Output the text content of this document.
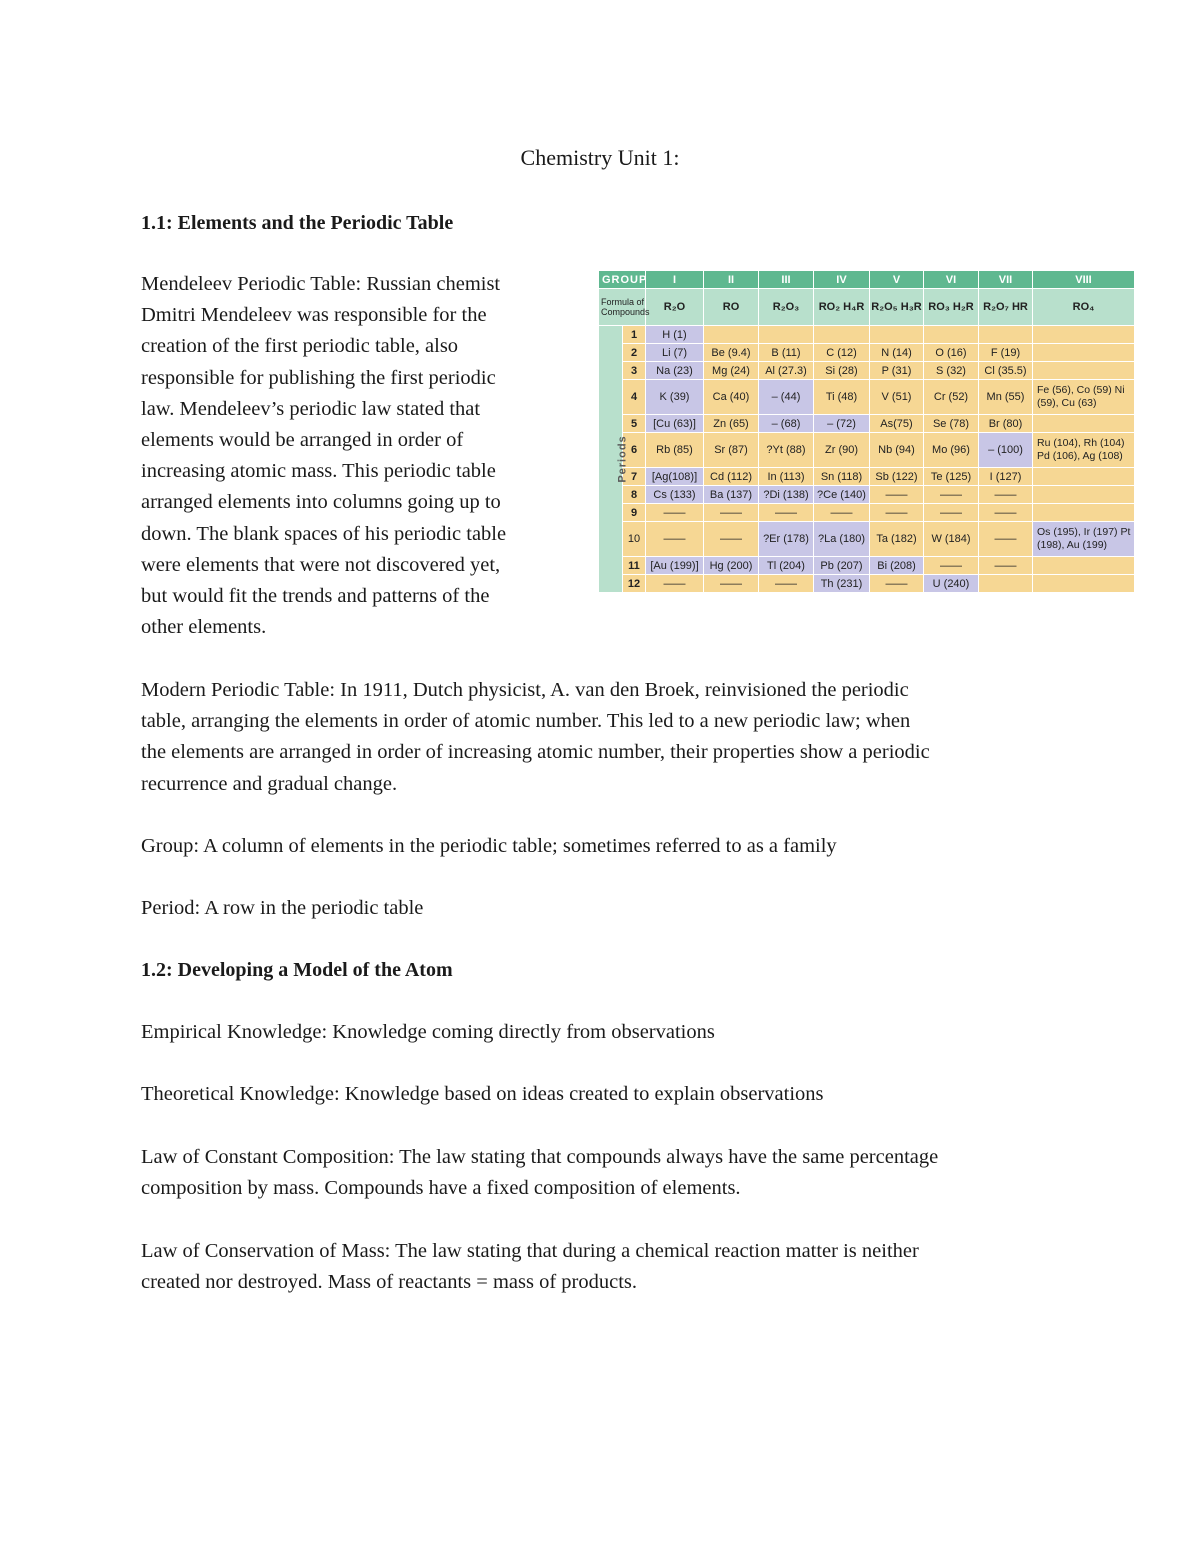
Chemistry Unit 1:
1.1: Elements and the Periodic Table
Mendeleev Periodic Table: Russian chemist
Dmitri Mendeleev was responsible for the
creation of the first periodic table, also
responsible for publishing the first periodic
law. Mendeleev’s periodic law stated that
elements would be arranged in order of
increasing atomic mass. This periodic table
arranged elements into columns going up to
down. The blank spaces of his periodic table
were elements that were not discovered yet,
but would fit the trends and patterns of the
other elements.
GROUP		I	II	III	IV	V	VI	VII	VIII
Formula of Compounds		R₂O	RO	R₂O₃	RO₂ H₄R	R₂O₅ H₃R	RO₃ H₂R	R₂O₇ HR	RO₄
Periods	1	H (1)							
	2	Li (7)	Be (9.4)	B (11)	C (12)	N (14)	O (16)	F (19)	
	3	Na (23)	Mg (24)	Al (27.3)	Si (28)	P (31)	S (32)	Cl (35.5)	
	4	K (39)	Ca (40)	– (44)	Ti (48)	V (51)	Cr (52)	Mn (55)	Fe (56), Co (59) Ni (59), Cu (63)
	5	[Cu (63)]	Zn (65)	– (68)	– (72)	As(75)	Se (78)	Br (80)	
	6	Rb (85)	Sr (87)	?Yt (88)	Zr (90)	Nb (94)	Mo (96)	– (100)	Ru (104), Rh (104) Pd (106), Ag (108)
	7	[Ag(108)]	Cd (112)	In (113)	Sn (118)	Sb (122)	Te (125)	I (127)	
	8	Cs (133)	Ba (137)	?Di (138)	?Ce (140)	——	——	——	
	9	——	——	——	——	——	——	——	
	10	——	——	?Er (178)	?La (180)	Ta (182)	W (184)	——	Os (195), Ir (197) Pt (198), Au (199)
	11	[Au (199)]	Hg (200)	Tl (204)	Pb (207)	Bi (208)	——	——	
	12	——	——	——	Th (231)	——	U (240)		
Modern Periodic Table: In 1911, Dutch physicist, A. van den Broek, reinvisioned the periodic
table, arranging the elements in order of atomic number. This led to a new periodic law; when
the elements are arranged in order of increasing atomic number, their properties show a periodic
recurrence and gradual change.
Group: A column of elements in the periodic table; sometimes referred to as a family
Period: A row in the periodic table
1.2: Developing a Model of the Atom
Empirical Knowledge: Knowledge coming directly from observations
Theoretical Knowledge: Knowledge based on ideas created to explain observations
Law of Constant Composition: The law stating that compounds always have the same percentage
composition by mass. Compounds have a fixed composition of elements.
Law of Conservation of Mass: The law stating that during a chemical reaction matter is neither
created nor destroyed. Mass of reactants = mass of products.
